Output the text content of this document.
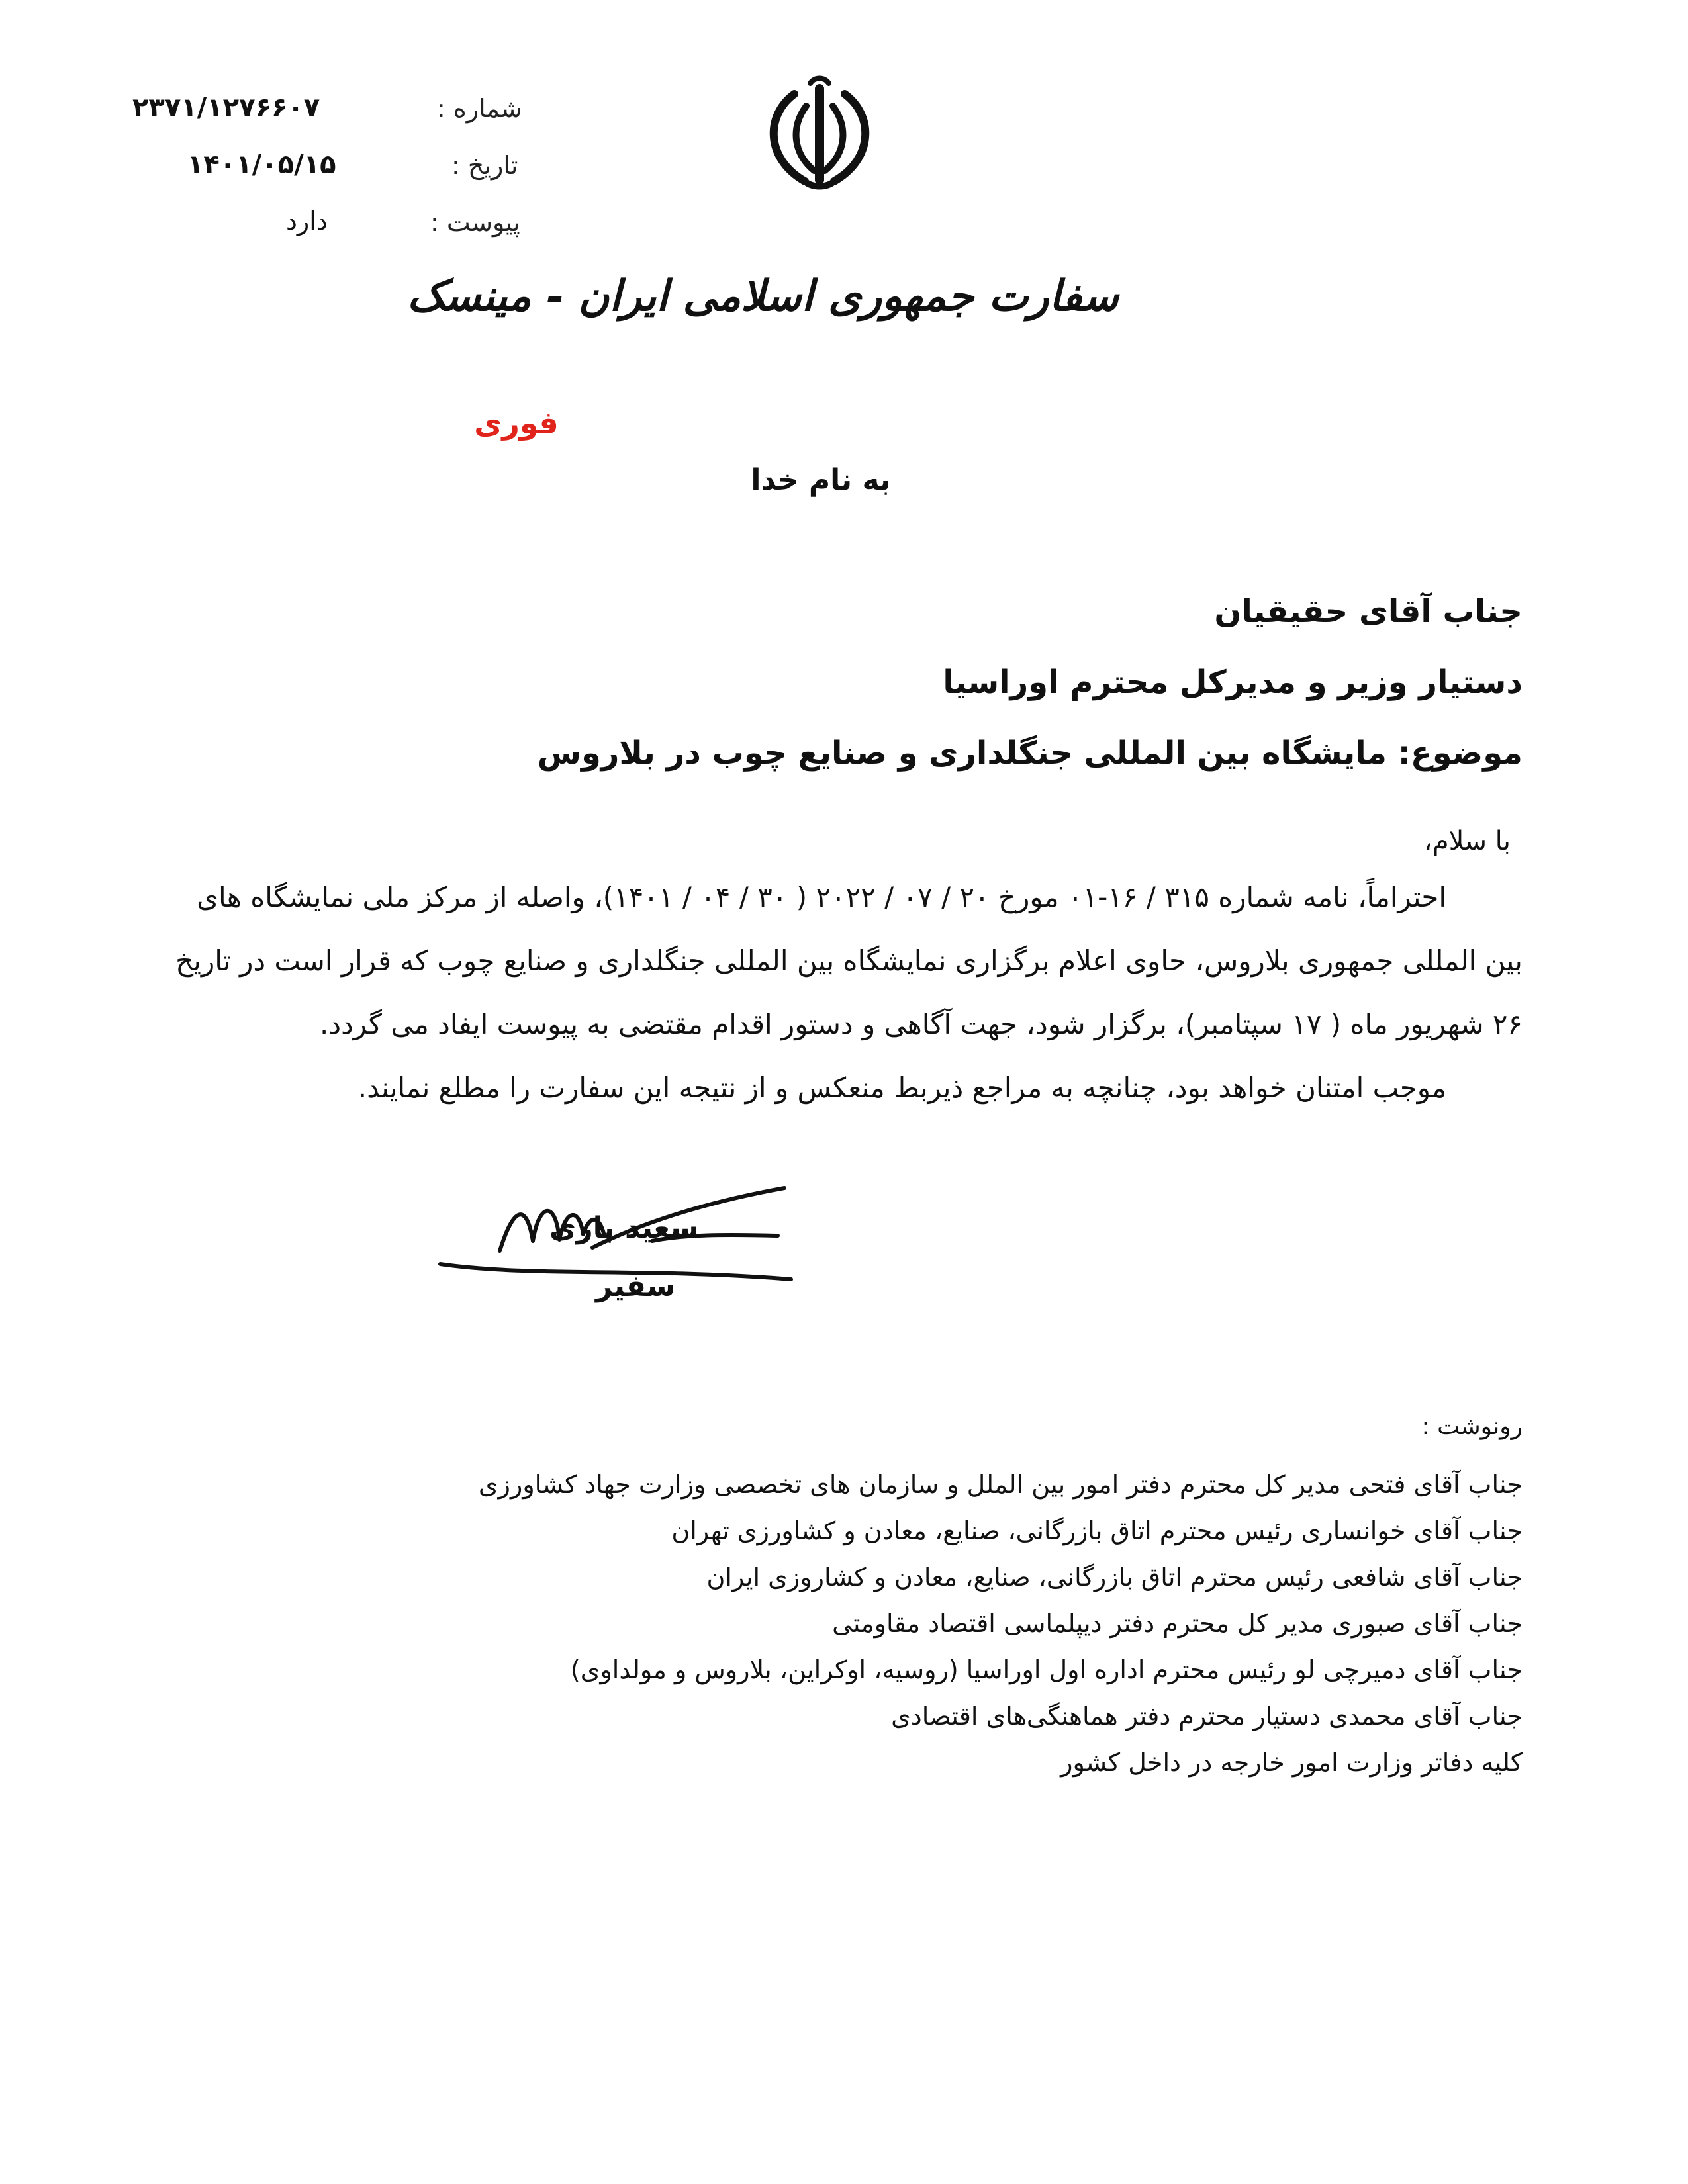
شماره :
۲۳۷۱/۱۲۷۶۶۰۷
تاریخ :
۱۴۰۱/۰۵/۱۵
پیوست :
دارد
سفارت جمهوری اسلامی ایران - مینسک
فوری
به نام خدا
جناب آقای حقیقیان
دستیار وزیر و مدیرکل محترم اوراسیا
موضوع: مایشگاه بین المللی جنگلداری و صنایع چوب در بلاروس
با سلام،
احتراماً، نامه شماره ۳۱۵ / ۱۶-۰۱ مورخ ۲۰ / ۰۷ / ۲۰۲۲ ( ۳۰ / ۰۴ / ۱۴۰۱)، واصله از مرکز ملی نمایشگاه های
بین المللی جمهوری بلاروس، حاوی اعلام برگزاری نمایشگاه بین المللی جنگلداری و صنایع چوب که قرار است در تاریخ
۲۶ شهریور ماه ( ۱۷ سپتامبر)، برگزار شود، جهت آگاهی و دستور اقدام مقتضی به پیوست ایفاد می گردد.
موجب امتنان خواهد بود، چنانچه به مراجع ذیربط منعکس و از نتیجه این سفارت را مطلع نمایند.
سعید باری
سفیر
رونوشت :
جناب آقای فتحی مدیر کل محترم دفتر امور بین الملل و سازمان های تخصصی وزارت جهاد کشاورزی
جناب آقای خوانساری رئیس محترم اتاق بازرگانی، صنایع، معادن و کشاورزی تهران
جناب آقای شافعی رئیس محترم اتاق بازرگانی، صنایع، معادن و کشاروزی ایران
جناب آقای صبوری مدیر کل محترم دفتر دیپلماسی اقتصاد مقاومتی
جناب آقای دمیرچی لو رئیس محترم اداره اول اوراسیا (روسیه، اوکراین، بلاروس و مولداوی)
جناب آقای محمدی دستیار محترم دفتر هماهنگی‌های اقتصادی
کلیه دفاتر وزارت امور خارجه در داخل کشور
